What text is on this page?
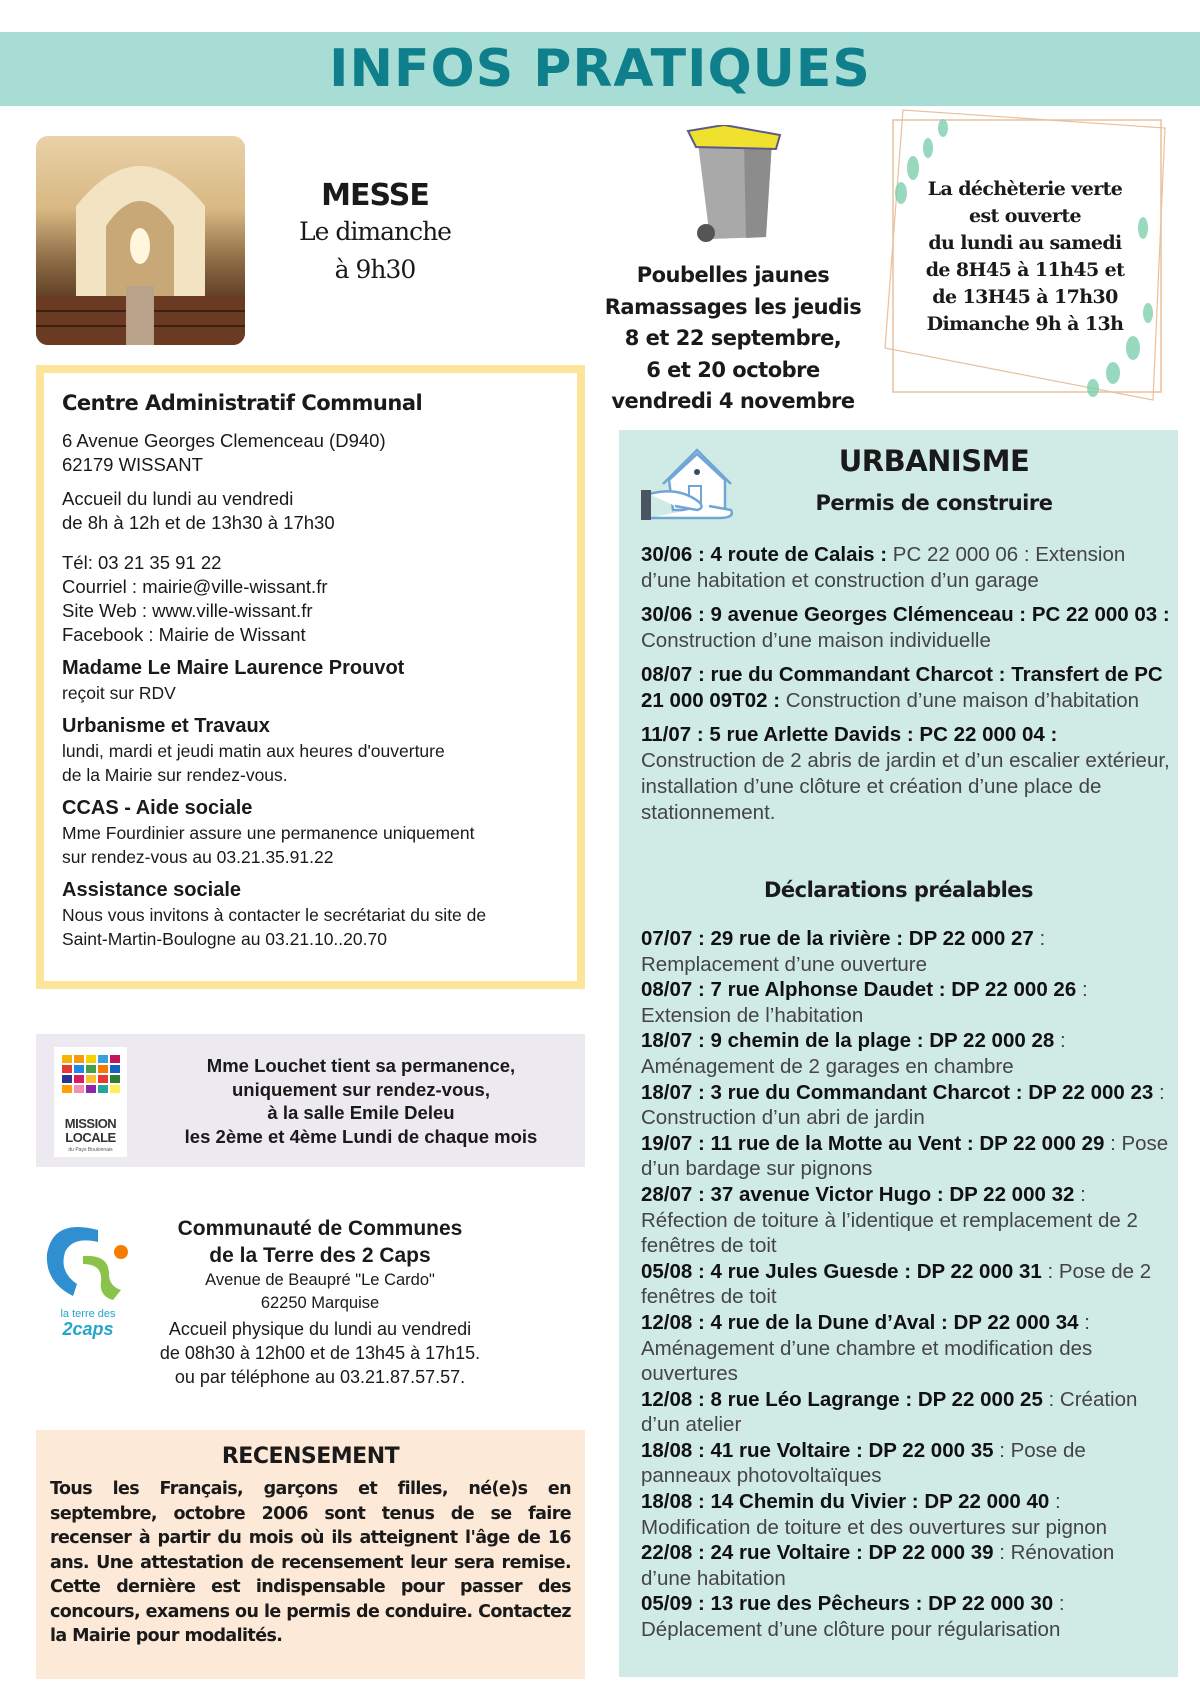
INFOS PRATIQUES
MESSE
Le dimanche
à 9h30	Poubelles jaunes
Ramassages les jeudis
8 et 22 septembre,
6 et 20 octobre
vendredi 4 novembre
La déchèterie verte
est ouverte
du lundi au samedi
de 8H45 à 11h45 et
de 13H45 à 17h30
Dimanche 9h à 13h
Centre Administratif Communal

6 Avenue Georges Clemenceau (D940)

62179 WISSANT

Accueil du lundi au vendredi

de 8h à 12h et de 13h30 à 17h30

Tél: 03 21 35 91 22

Courriel : mairie@ville-wissant.fr

Site Web : www.ville-wissant.fr

Facebook : Mairie de Wissant

Madame Le Maire Laurence Prouvot

reçoit sur RDV

Urbanisme et Travaux

lundi, mardi et jeudi matin aux heures d'ouverture

de la Mairie sur rendez-vous.

CCAS - Aide sociale

Mme Fourdinier assure une permanence uniquement

sur rendez-vous au 03.21.35.91.22

Assistance sociale

Nous vous invitons à contacter le secrétariat du site de

Saint-Martin-Boulogne au 03.21.10..20.70

MISSION
LOCALE
du Pays Boulonnais
Mme Louchet tient sa permanence,
uniquement sur rendez-vous,
à la salle Emile Deleu
les 2ème et 4ème Lundi de chaque mois
la terre des
2caps
Communauté de Communes
de la Terre des 2 Caps
Avenue de Beaupré "Le Cardo"
62250 Marquise
Accueil physique du lundi au vendredi
de 08h30 à 12h00 et de 13h45 à 17h15.
ou par téléphone au 03.21.87.57.57.
RECENSEMENT

Tous les Français, garçons et filles, né(e)s en septembre, octobre 2006 sont tenus de se faire recenser à partir du mois où ils atteignent l'âge de 16 ans. Une attestation de recensement leur sera remise. Cette dernière est indispensable pour passer des concours, examens ou le permis de conduire. Contactez la Mairie pour modalités.

URBANISME
Permis de construire
30/06 : 4 route de Calais : PC 22 000 06 : Extension d’une habitation et construction d’un garage
30/06 : 9 avenue Georges Clémenceau : PC 22 000 03 : Construction d’une maison individuelle
08/07 : rue du Commandant Charcot : Transfert de PC 21 000 09T02 : Construction d’une maison d’habitation
11/07 : 5 rue Arlette Davids : PC 22 000 04 : Construction de 2 abris de jardin et d’un escalier extérieur, installation d’une clôture et création d’une place de stationnement.
Déclarations préalables
07/07 : 29 rue de la rivière : DP 22 000 27 : Remplacement d’une ouverture
08/07 : 7 rue Alphonse Daudet : DP 22 000 26 : Extension de l’habitation
18/07 : 9 chemin de la plage : DP 22 000 28 : Aménagement de 2 garages en chambre
18/07 : 3 rue du Commandant Charcot : DP 22 000 23 : Construction d’un abri de jardin
19/07 : 11 rue de la Motte au Vent : DP 22 000 29 : Pose d’un bardage sur pignons
28/07 : 37 avenue Victor Hugo : DP 22 000 32 : Réfection de toiture à l’identique et remplacement de 2 fenêtres de toit
05/08 : 4 rue Jules Guesde : DP 22 000 31 : Pose de 2 fenêtres de toit
12/08 : 4 rue de la Dune d’Aval : DP 22 000 34 : Aménagement d’une chambre et modification des ouvertures
12/08 : 8 rue Léo Lagrange : DP 22 000 25 : Création d’un atelier
18/08 : 41 rue Voltaire : DP 22 000 35 : Pose de panneaux photovoltaïques
18/08 : 14 Chemin du Vivier : DP 22 000 40 : Modification de toiture et des ouvertures sur pignon
22/08 : 24 rue Voltaire : DP 22 000 39 : Rénovation d’une habitation
05/09 : 13 rue des Pêcheurs : DP 22 000 30 : Déplacement d’une clôture pour régularisation
